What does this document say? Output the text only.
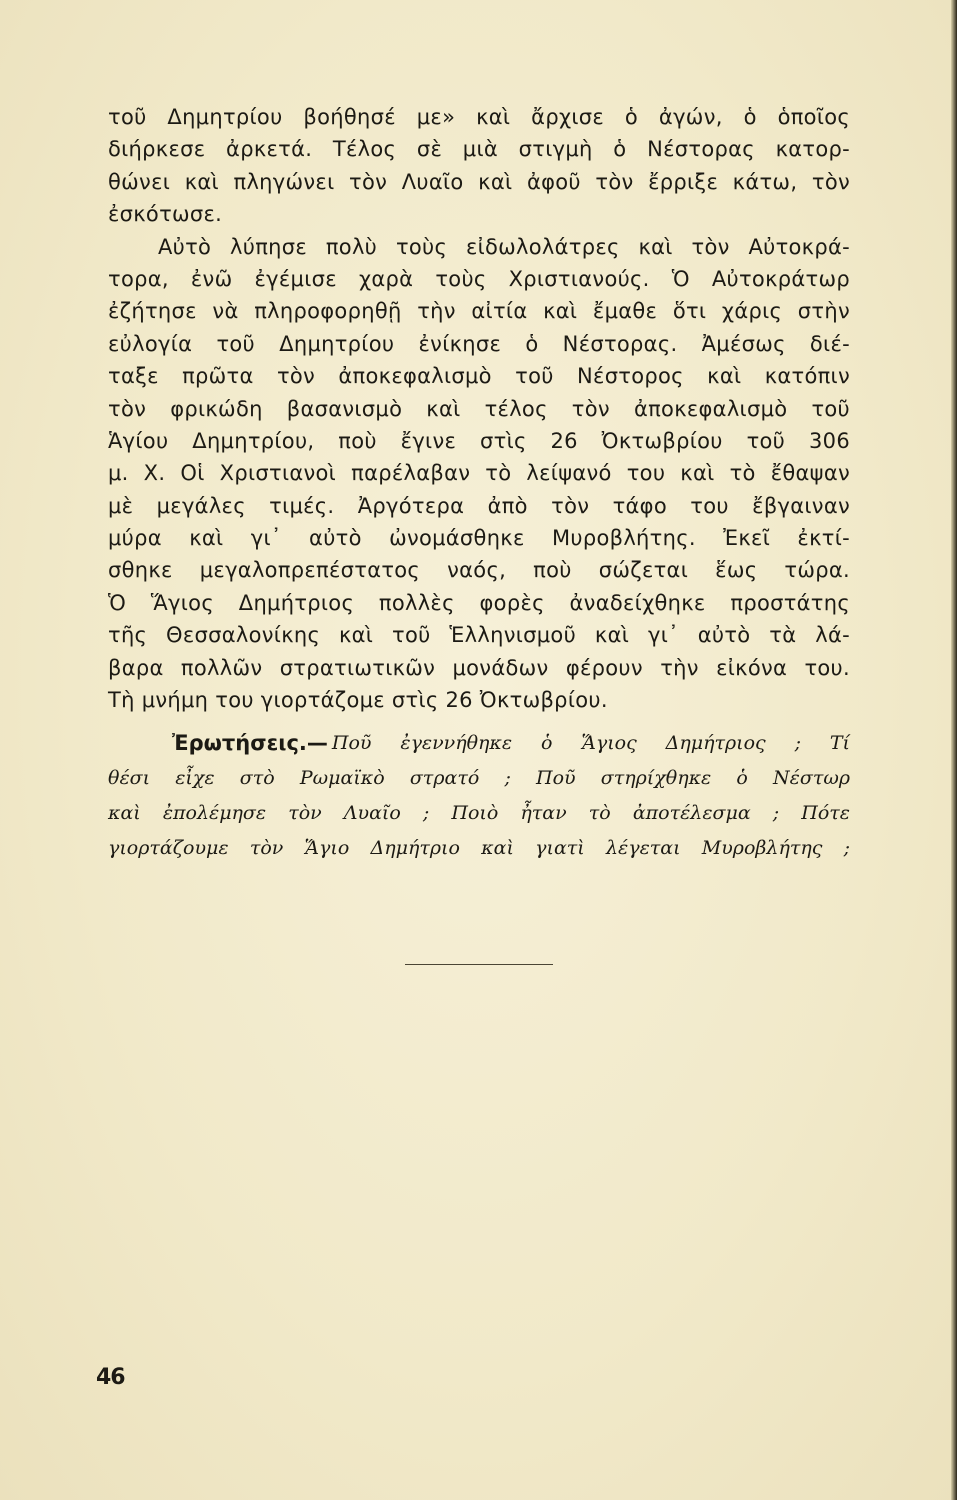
τοῦ Δημητρίου βοήθησέ με» καὶ ἄρχισε ὁ ἀγών, ὁ ὁποῖος
διήρκεσε ἀρκετά. Τέλος σὲ μιὰ στιγμὴ ὁ Νέστορας κατορ-
θώνει καὶ πληγώνει τὸν Λυαῖο καὶ ἀφοῦ τὸν ἔρριξε κάτω, τὸν
ἐσκότωσε.
Αὐτὸ λύπησε πολὺ τοὺς εἰδωλολάτρες καὶ τὸν Αὐτοκρά-
τορα, ἐνῶ ἐγέμισε χαρὰ τοὺς Χριστιανούς. Ὁ Αὐτοκράτωρ
ἐζήτησε νὰ πληροφορηθῇ τὴν αἰτία καὶ ἔμαθε ὅτι χάρις στὴν
εὐλογία τοῦ Δημητρίου ἐνίκησε ὁ Νέστορας. Ἀμέσως διέ-
ταξε πρῶτα τὸν ἀποκεφαλισμὸ τοῦ Νέστορος καὶ κατόπιν
τὸν φρικώδη βασανισμὸ καὶ τέλος τὸν ἀποκεφαλισμὸ τοῦ
Ἁγίου Δημητρίου, ποὺ ἔγινε στὶς 26 Ὀκτωβρίου τοῦ 306
μ. Χ. Οἱ Χριστιανοὶ παρέλαβαν τὸ λείψανό του καὶ τὸ ἔθαψαν
μὲ μεγάλες τιμές. Ἀργότερα ἀπὸ τὸν τάφο του ἔβγαιναν
μύρα καὶ γι᾽ αὐτὸ ὠνομάσθηκε Μυροβλήτης. Ἐκεῖ ἐκτί-
σθηκε μεγαλοπρεπέστατος ναός, ποὺ σώζεται ἕως τώρα.
Ὁ Ἅγιος Δημήτριος πολλὲς φορὲς ἀναδείχθηκε προστάτης
τῆς Θεσσαλονίκης καὶ τοῦ Ἑλληνισμοῦ καὶ γι᾽ αὐτὸ τὰ λά-
βαρα πολλῶν στρατιωτικῶν μονάδων φέρουν τὴν εἰκόνα του.
Τὴ μνήμη του γιορτάζομε στὶς 26 Ὀκτωβρίου.
Ἐρωτήσεις.— Ποῦ ἐγεννήθηκε ὁ Ἅγιος Δημήτριος ; Τί
θέσι εἶχε στὸ Ρωμαϊκὸ στρατό ; Ποῦ στηρίχθηκε ὁ Νέστωρ
καὶ ἐπολέμησε τὸν Λυαῖο ; Ποιὸ ἦταν τὸ ἀποτέλεσμα ; Πότε
γιορτάζουμε τὸν Ἅγιο Δημήτριο καὶ γιατὶ λέγεται Μυροβλήτης ;
46
